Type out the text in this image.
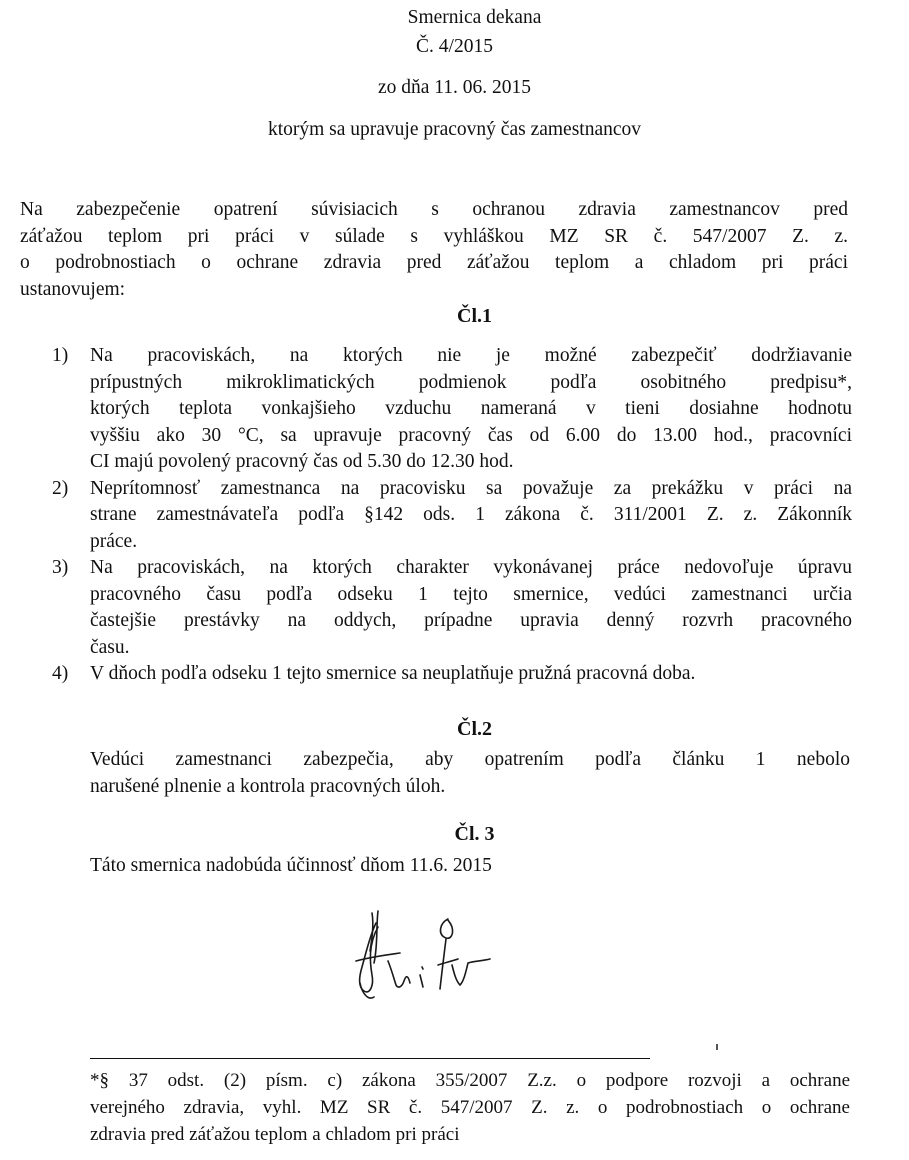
Smernica dekana
Č. 4/2015
zo dňa 11. 06. 2015
ktorým sa upravuje pracovný čas zamestnancov
Na zabezpečenie opatrení súvisiacich s ochranou zdravia zamestnancov pred
záťažou teplom pri práci v súlade s vyhláškou MZ SR č. 547/2007 Z. z.
o podrobnostiach o ochrane zdravia pred záťažou teplom a chladom pri práci
ustanovujem:
Čl.1
1)	Na pracoviskách, na ktorých nie je možné zabezpečiť dodržiavanie
prípustných mikroklimatických podmienok podľa osobitného predpisu*,
ktorých teplota vonkajšieho vzduchu nameraná v tieni dosiahne hodnotu
vyššiu ako 30 °C, sa upravuje pracovný čas od 6.00 do 13.00 hod., pracovníci
CI majú povolený pracovný čas od 5.30 do 12.30 hod.
2)	Neprítomnosť zamestnanca na pracovisku sa považuje za prekážku v práci na
strane zamestnávateľa podľa §142 ods. 1 zákona č. 311/2001 Z. z. Zákonník
práce.
3)	Na pracoviskách, na ktorých charakter vykonávanej práce nedovoľuje úpravu
pracovného času podľa odseku 1 tejto smernice, vedúci zamestnanci určia
častejšie prestávky na oddych, prípadne upravia denný rozvrh pracovného
času.
4)	V dňoch podľa odseku 1 tejto smernice sa neuplatňuje pružná pracovná doba.
Čl.2
Vedúci zamestnanci zabezpečia, aby opatrením podľa článku 1 nebolo
narušené plnenie a kontrola pracovných úloh.
Čl. 3
Táto smernica nadobúda účinnosť dňom 11.6. 2015
*§ 37 odst. (2) písm. c) zákona 355/2007 Z.z. o podpore rozvoji a ochrane
verejného zdravia, vyhl. MZ SR č. 547/2007 Z. z. o podrobnostiach o ochrane
zdravia pred záťažou teplom a chladom pri práci
